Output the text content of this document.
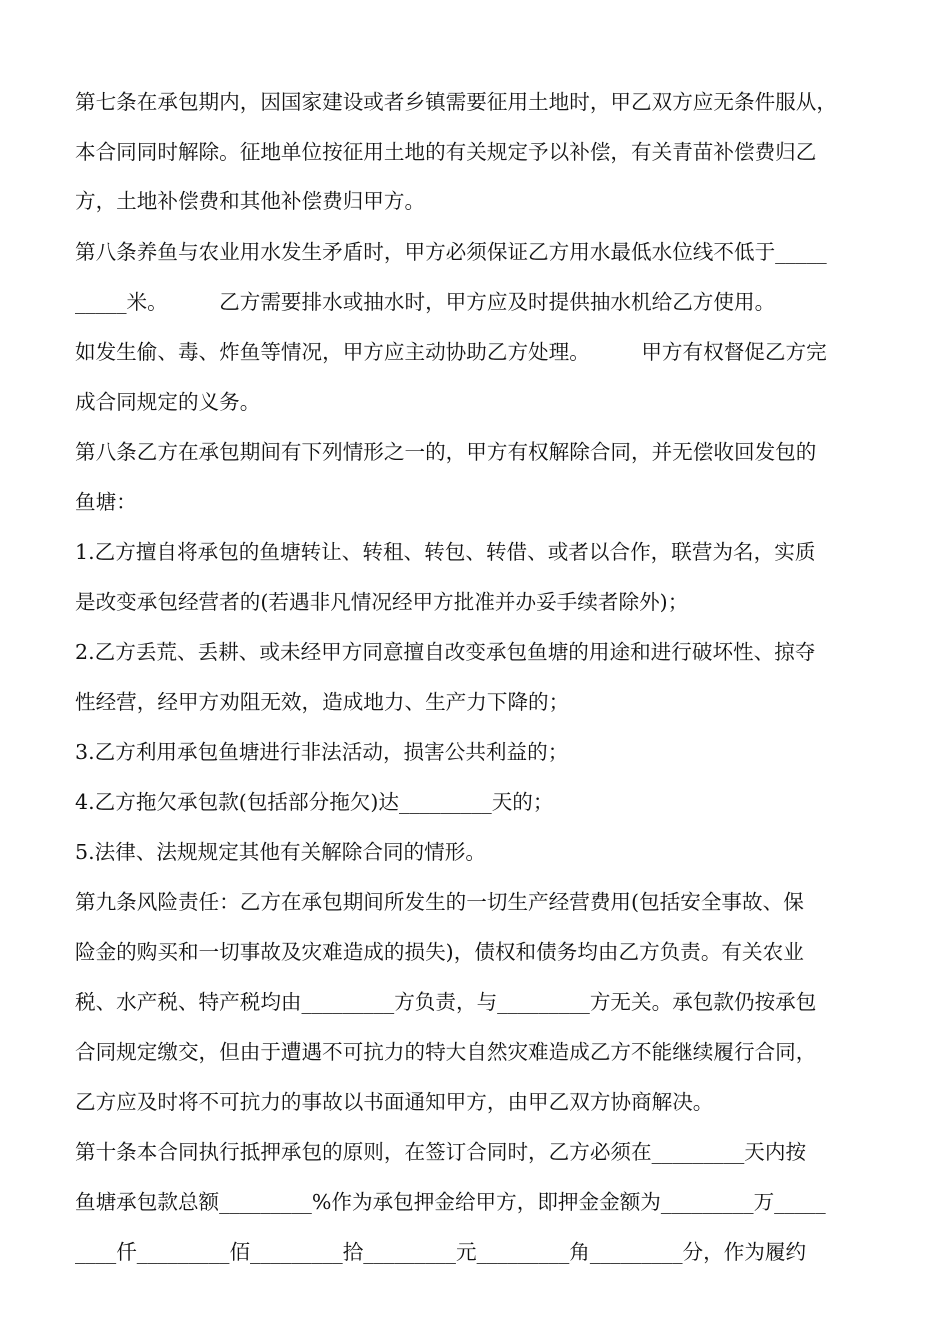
第七条在承包期内，因国家建设或者乡镇需要征用土地时，甲乙双方应无条件服从，
本合同同时解除。征地单位按征用土地的有关规定予以补偿，有关青苗补偿费归乙
方，土地补偿费和其他补偿费归甲方。
第八条养鱼与农业用水发生矛盾时，甲方必须保证乙方用水最低水位线不低于_____
_____米。　　　乙方需要排水或抽水时，甲方应及时提供抽水机给乙方使用。
如发生偷、毒、炸鱼等情况，甲方应主动协助乙方处理。　　　甲方有权督促乙方完
成合同规定的义务。
第八条乙方在承包期间有下列情形之一的，甲方有权解除合同，并无偿收回发包的
鱼塘：
1.乙方擅自将承包的鱼塘转让、转租、转包、转借、或者以合作，联营为名，实质
是改变承包经营者的(若遇非凡情况经甲方批准并办妥手续者除外)；
2.乙方丢荒、丢耕、或未经甲方同意擅自改变承包鱼塘的用途和进行破坏性、掠夺
性经营，经甲方劝阻无效，造成地力、生产力下降的；
3.乙方利用承包鱼塘进行非法活动，损害公共利益的；
4.乙方拖欠承包款(包括部分拖欠)达_________天的；
5.法律、法规规定其他有关解除合同的情形。
第九条风险责任：乙方在承包期间所发生的一切生产经营费用(包括安全事故、保
险金的购买和一切事故及灾难造成的损失)，债权和债务均由乙方负责。有关农业
税、水产税、特产税均由_________方负责，与_________方无关。承包款仍按承包
合同规定缴交，但由于遭遇不可抗力的特大自然灾难造成乙方不能继续履行合同，
乙方应及时将不可抗力的事故以书面通知甲方，由甲乙双方协商解决。
第十条本合同执行抵押承包的原则，在签订合同时，乙方必须在_________天内按
鱼塘承包款总额_________%作为承包押金给甲方，即押金金额为_________万_____
____仟_________佰_________拾_________元_________角_________分，作为履约
